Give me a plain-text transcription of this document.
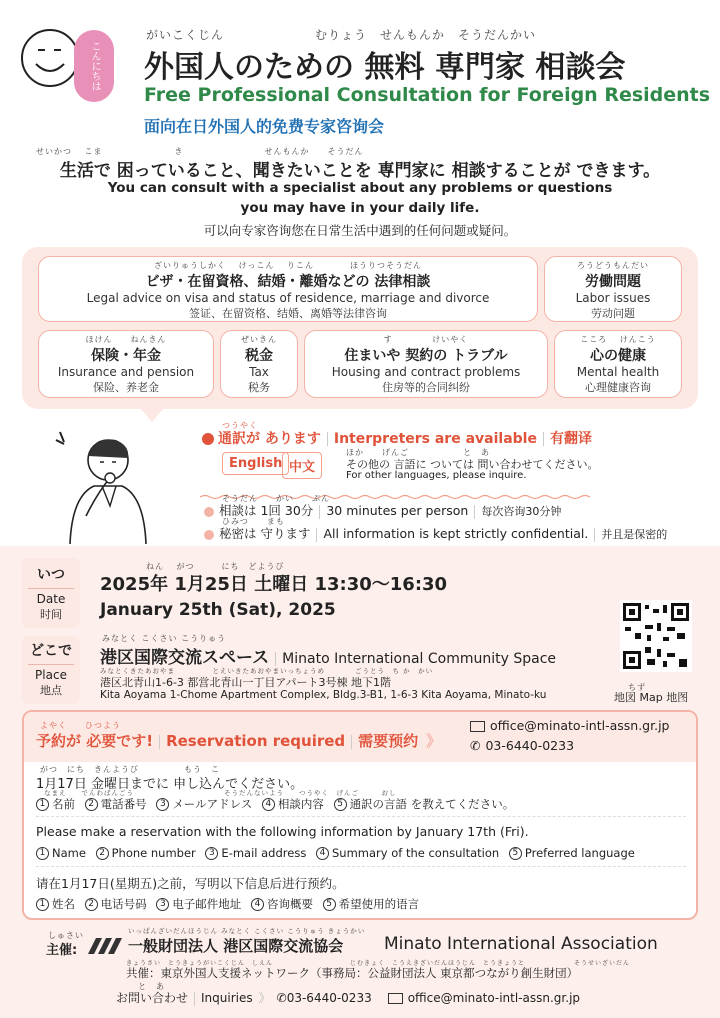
こんにちは
がいこくじん　　　　　　　むりょう　せんもんか　そうだんかい
外国人のための 無料 専門家 相談会
Free Professional Consultation for Foreign Residents
面向在日外国人的免费专家咨询会
せいかつ　 こま　　　　　　　　き　　　　　　　　　せんもんか　　そうだん
生活で 困っていること、聞きたいことを 専門家に 相談することが できます。
You can consult with a specialist about any problems or questions
you may have in your daily life.
可以向专家咨询您在日常生活中遇到的任何问题或疑问。
ざいりゅうしかく　 けっこん　 りこん　　　　ほうりつそうだん
ビザ・在留資格、結婚・離婚などの 法律相談
Legal advice on visa and status of residence, marriage and divorce
签证、在留资格、结婚、离婚等法律咨询
ろうどうもんだい
労働問題
Labor issues
劳动问题
ほけん　　ねんきん
保険・年金
Insurance and pension
保险、养老金
ぜいきん
税金
Tax
税务
す　　　　 けいやく
住まいや 契約の トラブル
Housing and contract problems
住房等的合同纠纷
こころ　 けんこう
心の健康
Mental health
心理健康咨询
つうやく
通訳が あります Interpreters are available 有翻译
English 中文
ほか　　げんご　　　　　　と　あ
その他の 言語に ついては 問い合わせてください。
For other languages, please inquire.
そうだん　　かい　　ぷん
相談は 1回 30分 30 minutes per person 每次咨询30分钟
ひみつ　　まも
秘密は 守ります All information is kept strictly confidential. 并且是保密的
いつ
Date
时间
ねん　 がつ　　　にち　どようび
2025年 1月25日 土曜日 13:30〜16:30
January 25th (Sat), 2025
どこで
Place
地点
みなとく こくさい こうりゅう
港区国際交流スペース Minato International Community Space
みなとくきたあおやま　　　　　とえいきたあおやまいっちょうめ　　　　ごうとう　ち か　かい
港区北青山1-6-3 都営北青山一丁目アパート3号棟 地下1階
Kita Aoyama 1-Chome Apartment Complex, Bldg.3-B1, 1-6-3 Kita Aoyama, Minato-ku
ちず
地図 Map 地图
よやく　　ひつよう
予約が 必要です! Reservation required 需要预约 》
office@minato-intl-assn.gr.jp
✆ 03-6440-0233
がつ　にち　きんようび　　　　　もう　こ
1月17日 金曜日までに 申し込んでください。
なまえ　　でんわばんごう　　　　　　　　　　　　そうだんないよう　　つうやく　げんご　　　おし
1 名前 2 電話番号 3 メールアドレス 4 相談内容 5 通訳の言語 を教えてください。
Please make a reservation with the following information by January 17th (Fri).
1 Name 2 Phone number 3 E-mail address 4 Summary of the consultation 5 Preferred language
请在1月17日(星期五)之前，写明以下信息后进行预约。
1 姓名 2 电话号码 3 电子邮件地址 4 咨询概要 5 希望使用的语言
しゅさい
主催:
いっぱんざいだんほうじん みなとく こくさい こうりゅう きょうかい
一般財団法人 港区国際交流協会 Minato International Association
きょうさい　とうきょうがいこくじん　しえん　　　　　　　　　　　じむきょく　こうえきざいだんほうじん　とうきょうと　　　　　　　そうせいざいだん
共催：東京外国人支援ネットワーク（事務局：公益財団法人 東京都つながり創生財団）
と　あ
お問い合わせ Inquiries 》 ✆03-6440-0233	office@minato-intl-assn.gr.jp
